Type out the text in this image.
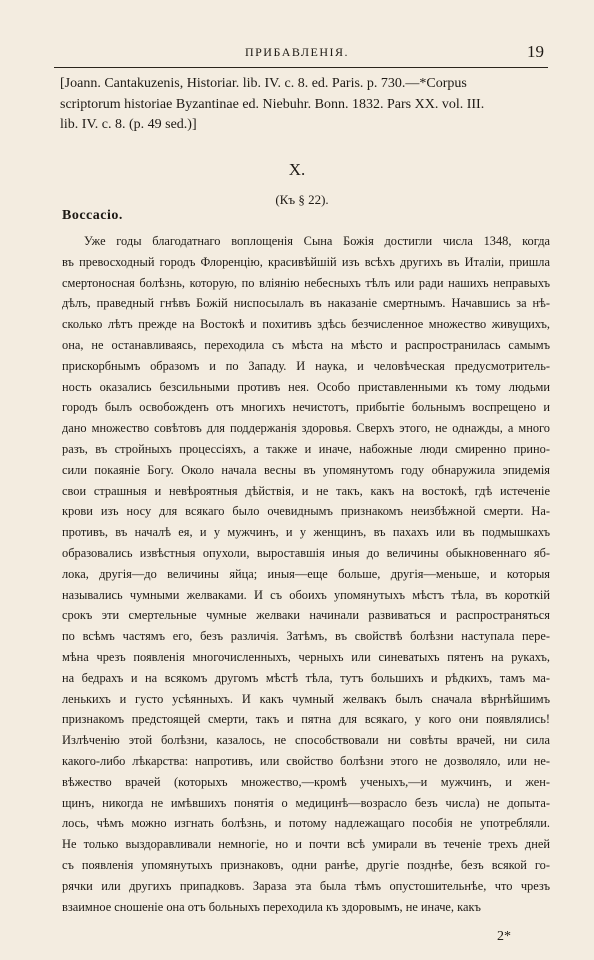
ПРИБАВЛЕНІЯ.	19
[Joann. Cantakuzenis, Historiar. lib. IV. c. 8. ed. Paris. p. 730.—*Corpus
scriptorum historiae Byzantinae ed. Niebuhr. Bonn. 1832. Pars XX. vol. III.
lib. IV. c. 8. (p. 49 sed.)]
X.
(Къ § 22).
Boccacio.
Уже годы благодатнаго воплощенія Сына Божія достигли числа 1348, когда
въ превосходный городъ Флоренцію, красивѣйшій изъ всѣхъ другихъ въ Италіи, пришла
смертоносная болѣзнь, которую, по вліянію небесныхъ тѣлъ или ради нашихъ неправыхъ
дѣлъ, праведный гнѣвъ Божій ниспосылалъ въ наказаніе смертнымъ. Начавшись за нѣ-
сколько лѣтъ прежде на Востокѣ и похитивъ здѣсь безчисленное множество живущихъ,
она, не останавливаясь, переходила съ мѣста на мѣсто и распространилась самымъ
прискорбнымъ образомъ и по Западу. И наука, и человѣческая предусмотритель-
ность оказались безсильными противъ нея. Особо приставленными къ тому людьми
городъ былъ освобожденъ отъ многихъ нечистотъ, прибытіе больнымъ воспрещено и
дано множество совѣтовъ для поддержанія здоровья. Сверхъ этого, не однажды, а много
разъ, въ стройныхъ процессіяхъ, а также и иначе, набожные люди смиренно прино-
сили покаяніе Богу. Около начала весны въ упомянутомъ году обнаружила эпидемія
свои страшныя и невѣроятныя дѣйствія, и не такъ, какъ на востокѣ, гдѣ истеченіе
крови изъ носу для всякаго было очевиднымъ признакомъ неизбѣжной смерти. На-
противъ, въ началѣ ея, и у мужчинъ, и у женщинъ, въ пахахъ или въ подмышкахъ
образовались извѣстныя опухоли, выроставшія иныя до величины обыкновеннаго яб-
лока, другія—до величины яйца; иныя—еще больше, другія—меньше, и которыя
назывались чумными желваками. И съ обоихъ упомянутыхъ мѣстъ тѣла, въ короткій
срокъ эти смертельные чумные желваки начинали развиваться и распространяться
по всѣмъ частямъ его, безъ различія. Затѣмъ, въ свойствѣ болѣзни наступала пере-
мѣна чрезъ появленія многочисленныхъ, черныхъ или синеватыхъ пятенъ на рукахъ,
на бедрахъ и на всякомъ другомъ мѣстѣ тѣла, тутъ большихъ и рѣдкихъ, тамъ ма-
ленькихъ и густо усѣянныхъ. И какъ чумный желвакъ былъ сначала вѣрнѣйшимъ
признакомъ предстоящей смерти, такъ и пятна для всякаго, у кого они появлялись!
Излѣченію этой болѣзни, казалось, не способствовали ни совѣты врачей, ни сила
какого-либо лѣкарства: напротивъ, или свойство болѣзни этого не дозволяло, или не-
вѣжество врачей (которыхъ множество,—кромѣ ученыхъ,—и мужчинъ, и жен-
щинъ, никогда не имѣвшихъ понятія о медицинѣ—возрасло безъ числа) не допыта-
лось, чѣмъ можно изгнать болѣзнь, и потому надлежащаго пособія не употребляли.
Не только выздоравливали немногіе, но и почти всѣ умирали въ теченіе трехъ дней
съ появленія упомянутыхъ признаковъ, одни ранѣе, другіе позднѣе, безъ всякой го-
рячки или другихъ припадковъ. Зараза эта была тѣмъ опустошительнѣе, что чрезъ
взаимное сношеніе она отъ больныхъ переходила къ здоровымъ, не иначе, какъ
2*
